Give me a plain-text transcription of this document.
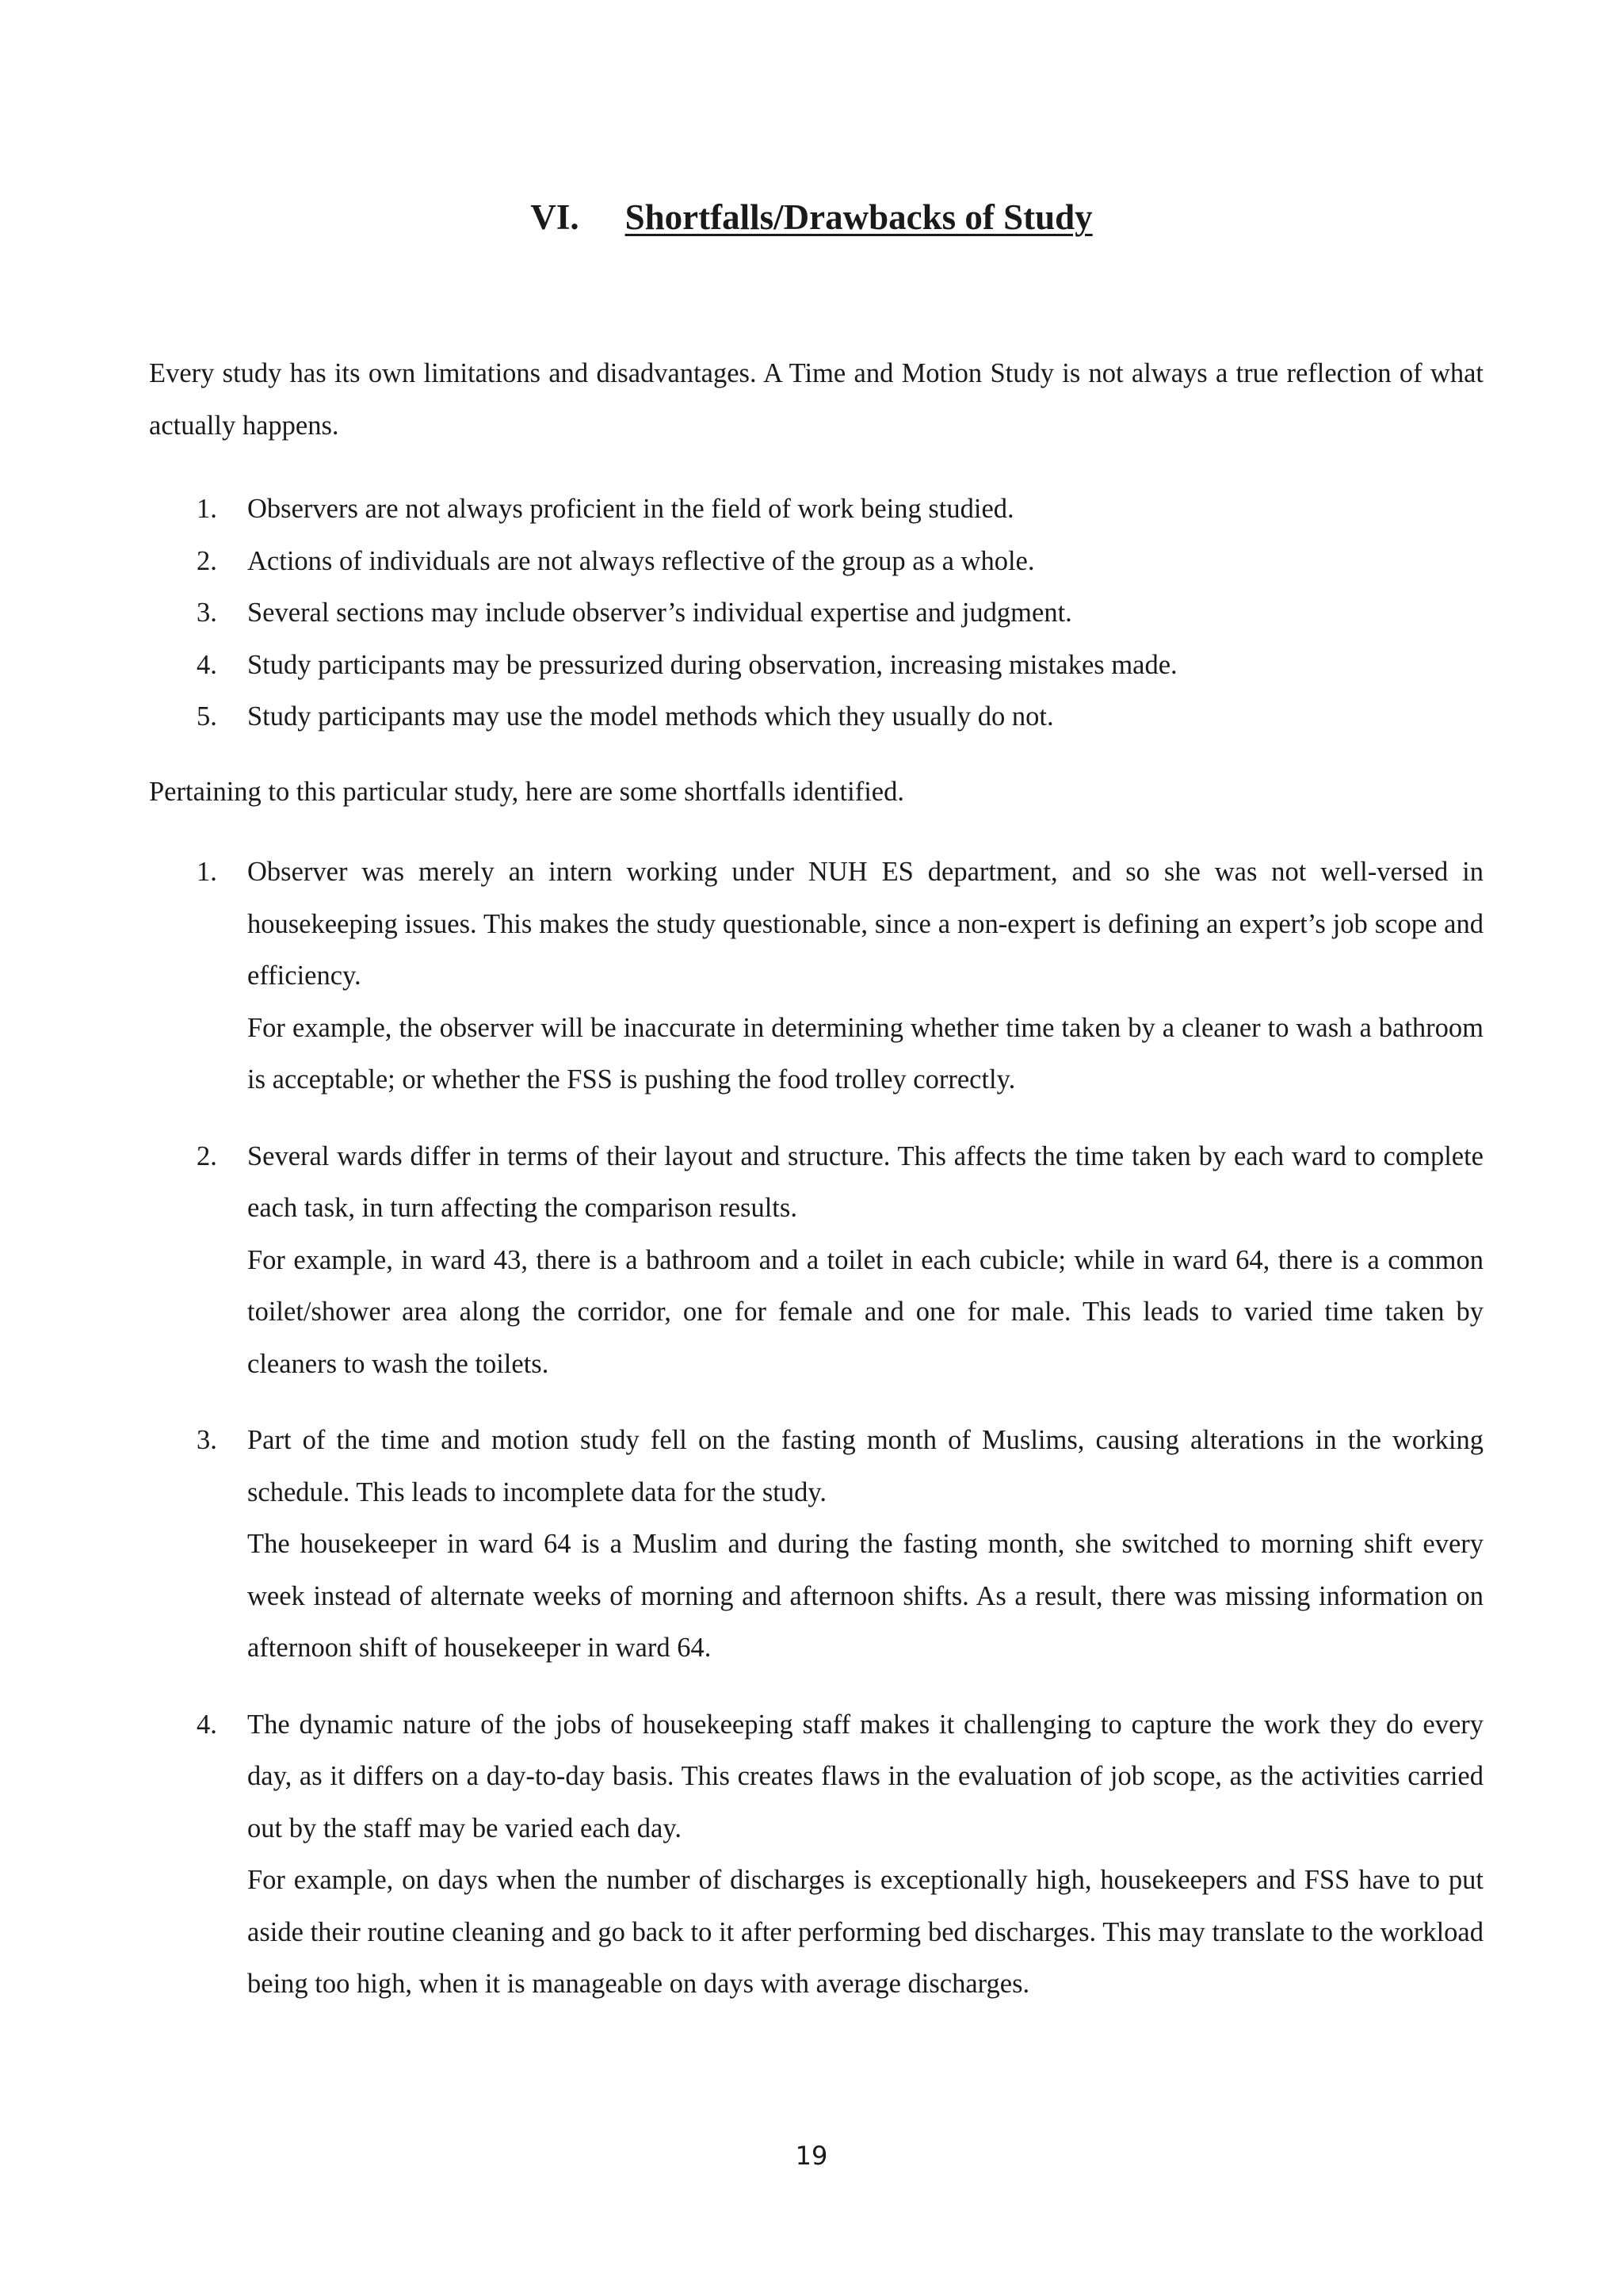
VI. Shortfalls/Drawbacks of Study

Every study has its own limitations and disadvantages. A Time and Motion Study is not always a true reflection of what actually happens.

1. Observers are not always proficient in the field of work being studied.
2. Actions of individuals are not always reflective of the group as a whole.
3. Several sections may include observer’s individual expertise and judgment.
4. Study participants may be pressurized during observation, increasing mistakes made.
5. Study participants may use the model methods which they usually do not.

Pertaining to this particular study, here are some shortfalls identified.

1. Observer was merely an intern working under NUH ES department, and so she was not well-versed in housekeeping issues. This makes the study questionable, since a non-expert is defining an expert’s job scope and efficiency.

For example, the observer will be inaccurate in determining whether time taken by a cleaner to wash a bathroom is acceptable; or whether the FSS is pushing the food trolley correctly.

2. Several wards differ in terms of their layout and structure. This affects the time taken by each ward to complete each task, in turn affecting the comparison results.

For example, in ward 43, there is a bathroom and a toilet in each cubicle; while in ward 64, there is a common toilet/shower area along the corridor, one for female and one for male. This leads to varied time taken by cleaners to wash the toilets.

3. Part of the time and motion study fell on the fasting month of Muslims, causing alterations in the working schedule. This leads to incomplete data for the study.

The housekeeper in ward 64 is a Muslim and during the fasting month, she switched to morning shift every week instead of alternate weeks of morning and afternoon shifts. As a result, there was missing information on afternoon shift of housekeeper in ward 64.

4. The dynamic nature of the jobs of housekeeping staff makes it challenging to capture the work they do every day, as it differs on a day-to-day basis. This creates flaws in the evaluation of job scope, as the activities carried out by the staff may be varied each day.

For example, on days when the number of discharges is exceptionally high, housekeepers and FSS have to put aside their routine cleaning and go back to it after performing bed discharges. This may translate to the workload being too high, when it is manageable on days with average discharges.

19
